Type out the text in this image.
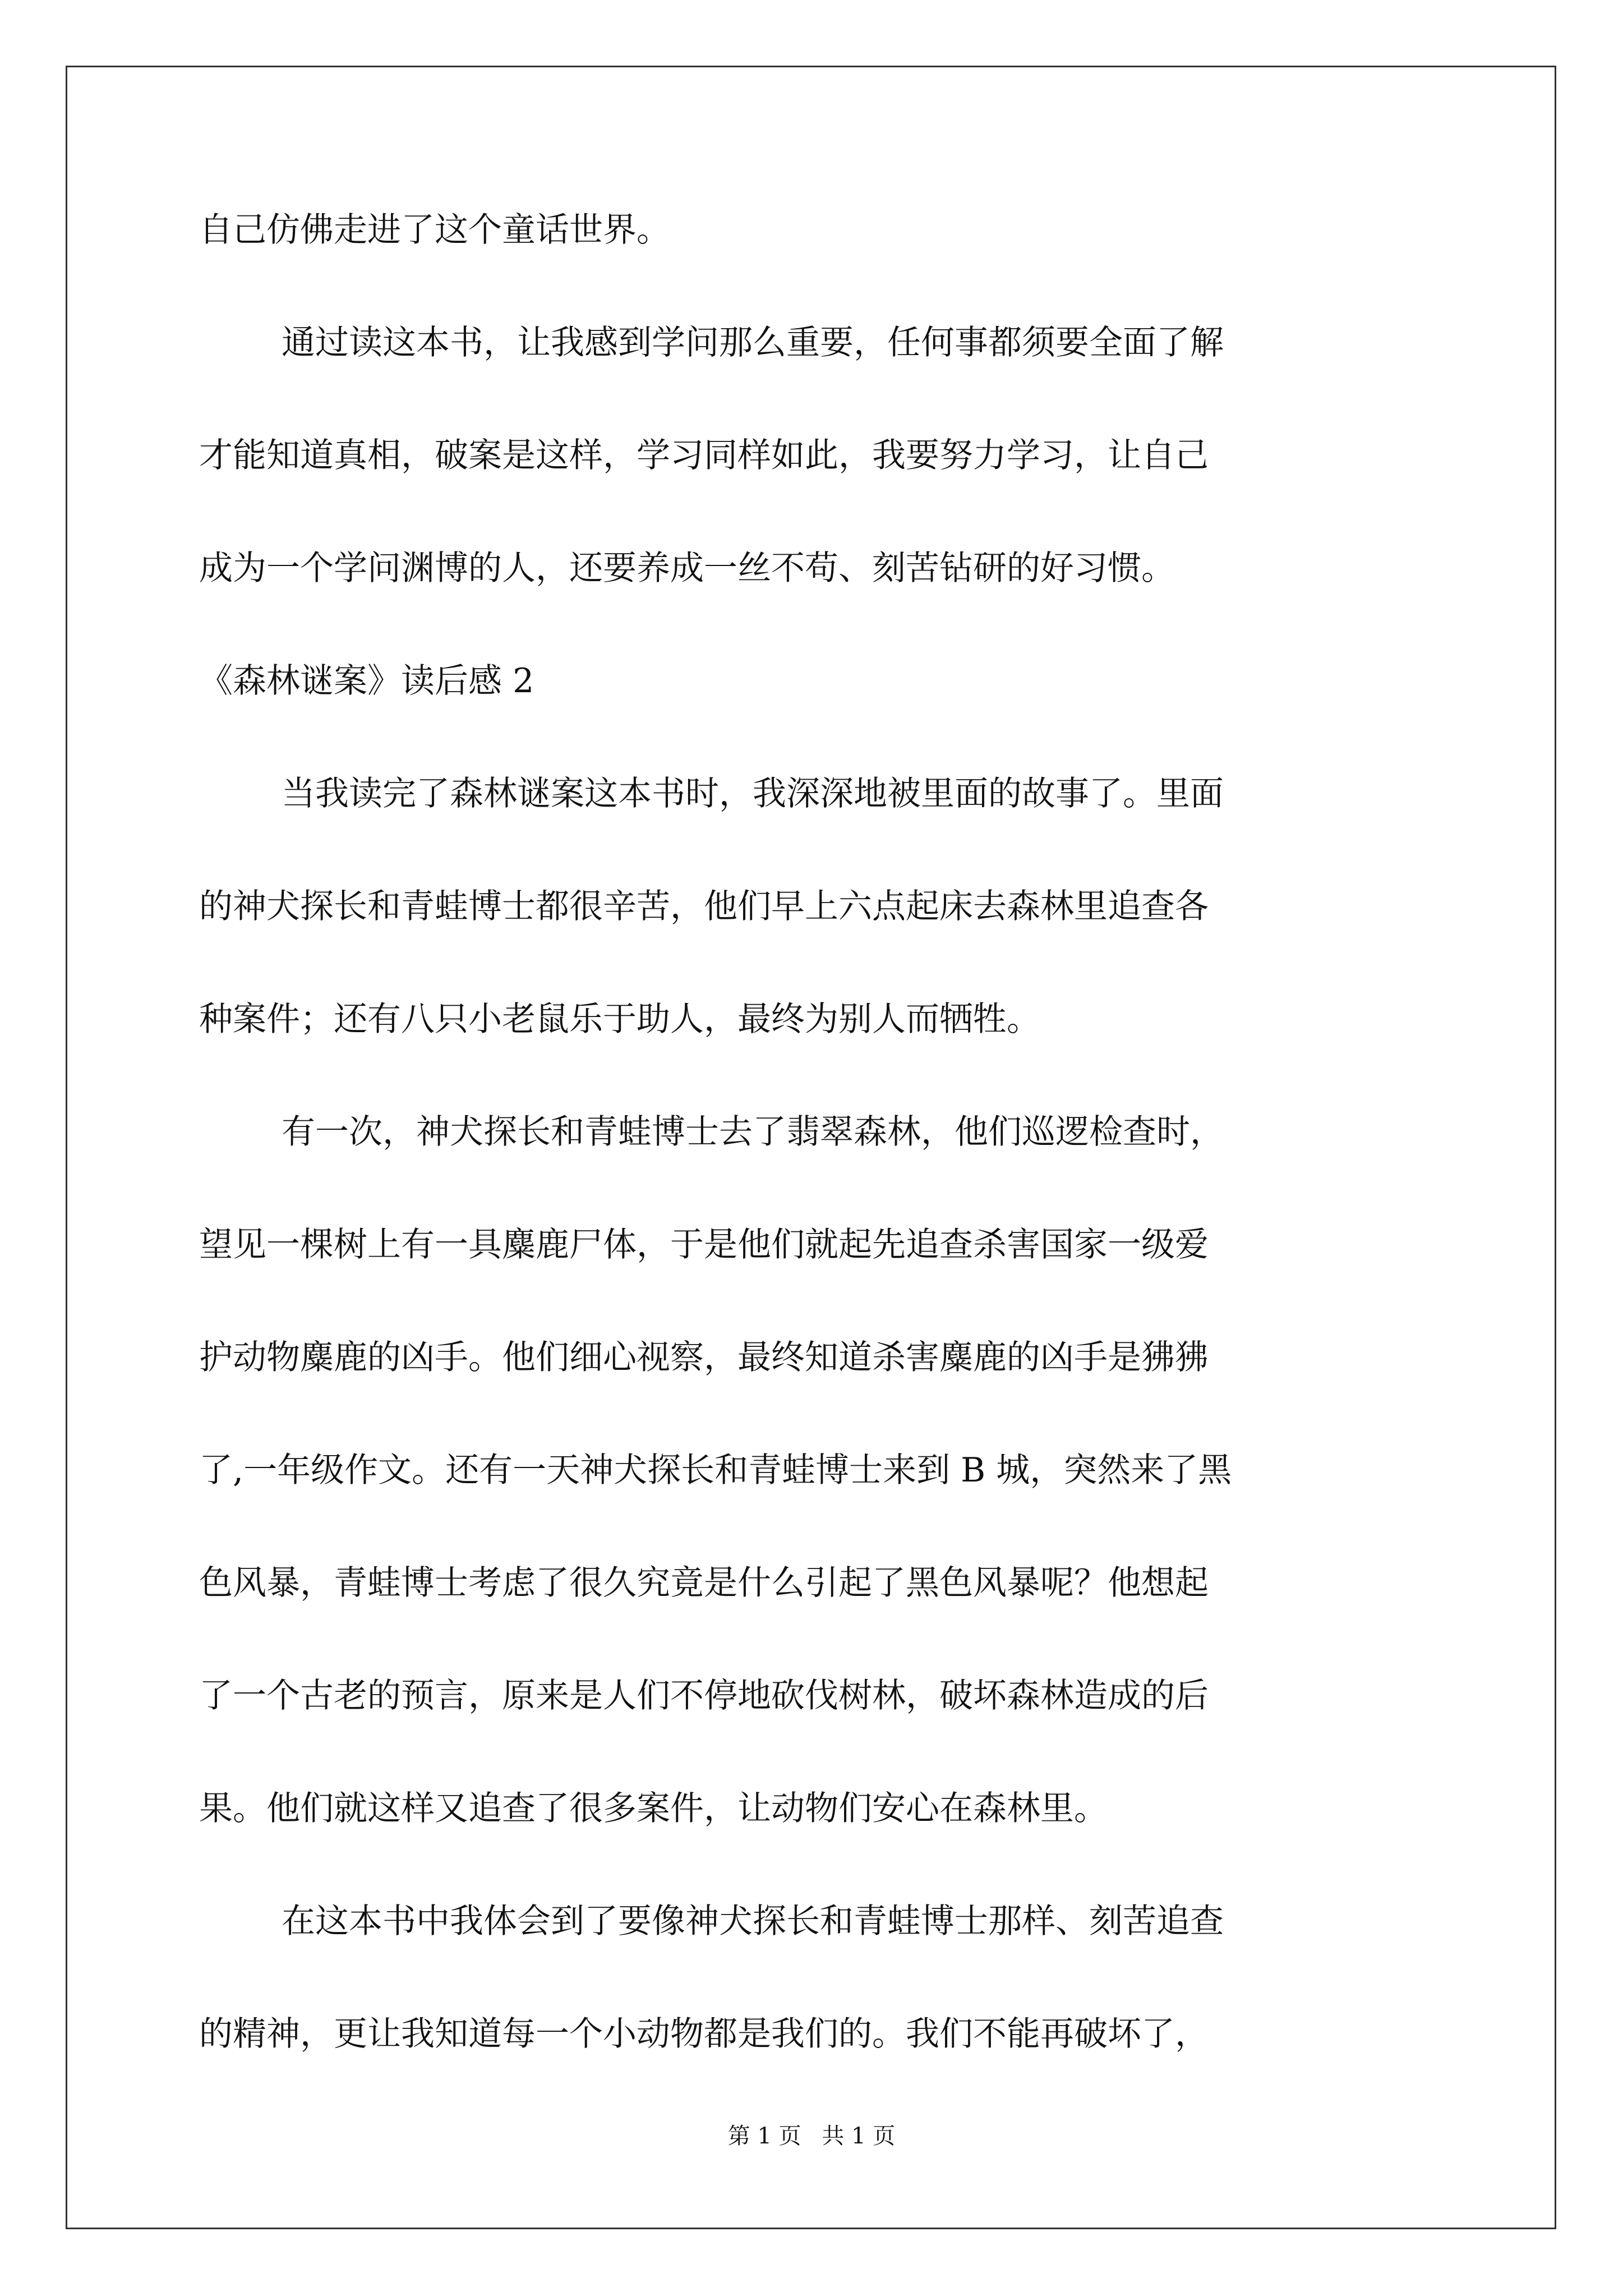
自己仿佛走进了这个童话世界。
通过读这本书，让我感到学问那么重要，任何事都须要全面了解
才能知道真相，破案是这样，学习同样如此，我要努力学习，让自己
成为一个学问渊博的人，还要养成一丝不苟、刻苦钻研的好习惯。
《森林谜案》读后感 2
当我读完了森林谜案这本书时，我深深地被里面的故事了。里面
的神犬探长和青蛙博士都很辛苦，他们早上六点起床去森林里追查各
种案件；还有八只小老鼠乐于助人，最终为别人而牺牲。
有一次，神犬探长和青蛙博士去了翡翠森林，他们巡逻检查时，
望见一棵树上有一具麋鹿尸体，于是他们就起先追查杀害国家一级爱
护动物麋鹿的凶手。他们细心视察，最终知道杀害麋鹿的凶手是狒狒
了,一年级作文。还有一天神犬探长和青蛙博士来到 B 城，突然来了黑
色风暴，青蛙博士考虑了很久究竟是什么引起了黑色风暴呢？他想起
了一个古老的预言，原来是人们不停地砍伐树林，破坏森林造成的后
果。他们就这样又追查了很多案件，让动物们安心在森林里。
在这本书中我体会到了要像神犬探长和青蛙博士那样、刻苦追查
的精神，更让我知道每一个小动物都是我们的。我们不能再破坏了，
第 1 页 共 1 页
